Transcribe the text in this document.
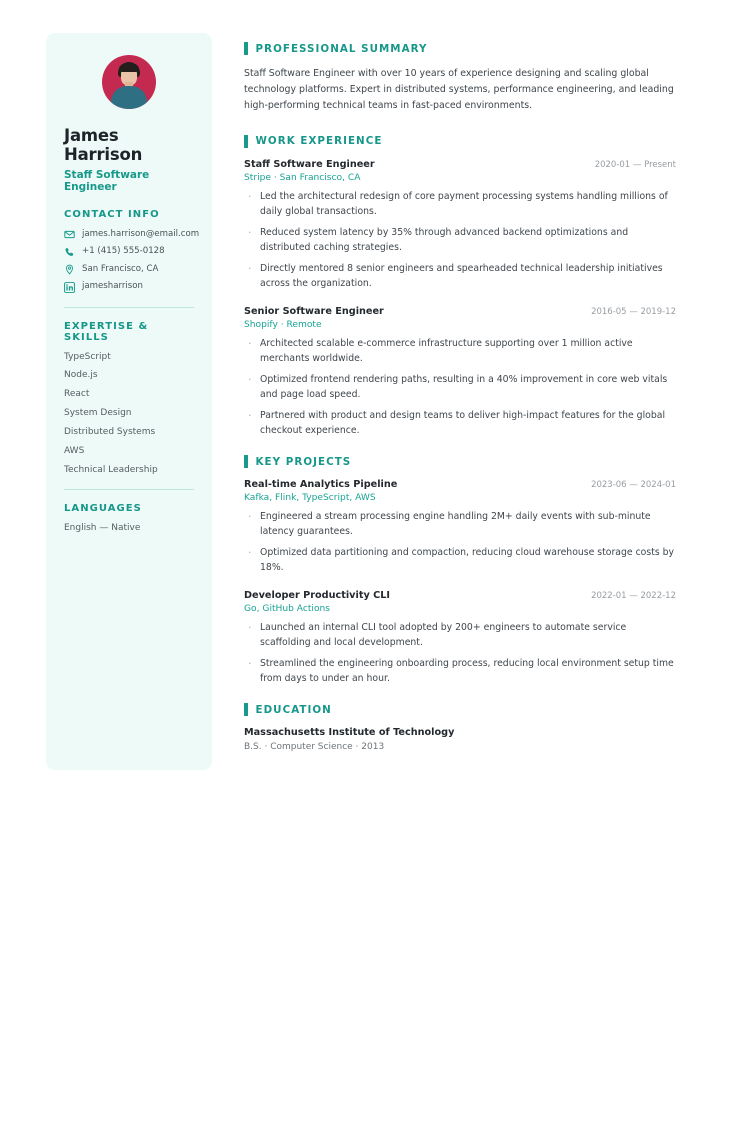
James Harrison
Staff Software Engineer
CONTACT INFO
james.harrison@email.com
+1 (415) 555-0128
San Francisco, CA
jamesharrison
EXPERTISE & SKILLS
TypeScript
Node.js
React
System Design
Distributed Systems
AWS
Technical Leadership
LANGUAGES
English — Native
PROFESSIONAL SUMMARY

Staff Software Engineer with over 10 years of experience designing and scaling global technology platforms. Expert in distributed systems, performance engineering, and leading high-performing technical teams in fast-paced environments.

WORK EXPERIENCE
Staff Software Engineer	2020-01 — Present
Stripe · San Francisco, CA
· Led the architectural redesign of core payment processing systems handling millions of daily global transactions.
· Reduced system latency by 35% through advanced backend optimizations and distributed caching strategies.
· Directly mentored 8 senior engineers and spearheaded technical leadership initiatives across the organization.
Senior Software Engineer	2016-05 — 2019-12
Shopify · Remote
· Architected scalable e-commerce infrastructure supporting over 1 million active merchants worldwide.
· Optimized frontend rendering paths, resulting in a 40% improvement in core web vitals and page load speed.
· Partnered with product and design teams to deliver high-impact features for the global checkout experience.
KEY PROJECTS
Real-time Analytics Pipeline	2023-06 — 2024-01
Kafka, Flink, TypeScript, AWS
· Engineered a stream processing engine handling 2M+ daily events with sub-minute latency guarantees.
· Optimized data partitioning and compaction, reducing cloud warehouse storage costs by 18%.
Developer Productivity CLI	2022-01 — 2022-12
Go, GitHub Actions
· Launched an internal CLI tool adopted by 200+ engineers to automate service scaffolding and local development.
· Streamlined the engineering onboarding process, reducing local environment setup time from days to under an hour.
EDUCATION
Massachusetts Institute of Technology
B.S. · Computer Science · 2013
